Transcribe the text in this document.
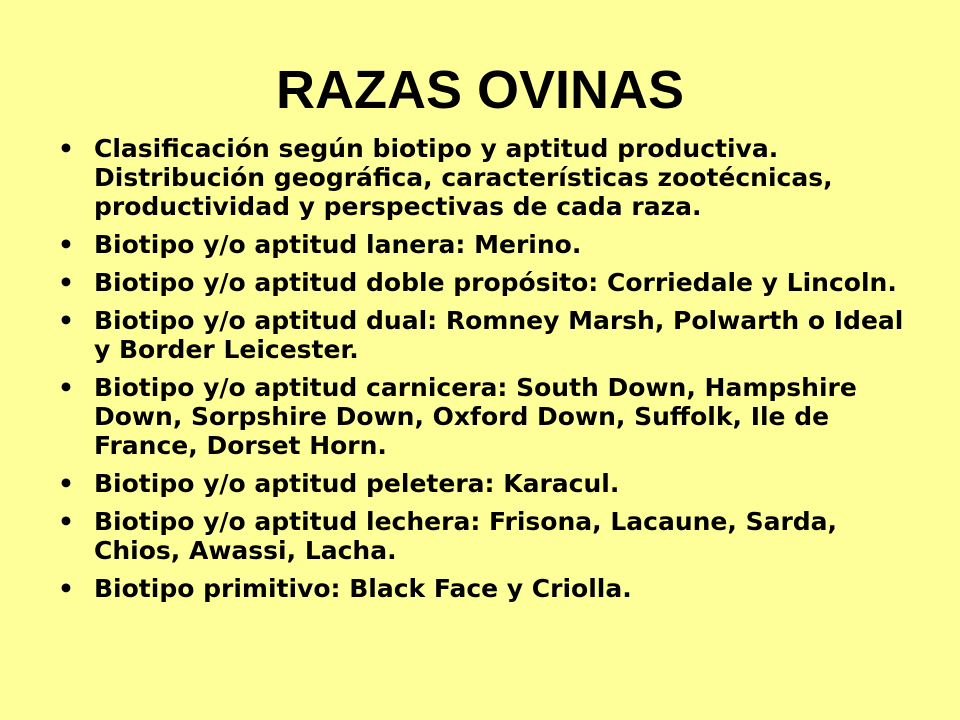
RAZAS OVINAS
• Clasificación según biotipo y aptitud productiva. Distribución geográfica, características zootécnicas, productividad y perspectivas de cada raza.
• Biotipo y/o aptitud lanera: Merino.
• Biotipo y/o aptitud doble propósito: Corriedale y Lincoln.
• Biotipo y/o aptitud dual: Romney Marsh, Polwarth o Ideal y Border Leicester.
• Biotipo y/o aptitud carnicera: South Down, Hampshire Down, Sorpshire Down, Oxford Down, Suffolk, Ile de France, Dorset Horn.
• Biotipo y/o aptitud peletera: Karacul.
• Biotipo y/o aptitud lechera: Frisona, Lacaune, Sarda, Chios, Awassi, Lacha.
• Biotipo primitivo: Black Face y Criolla.
